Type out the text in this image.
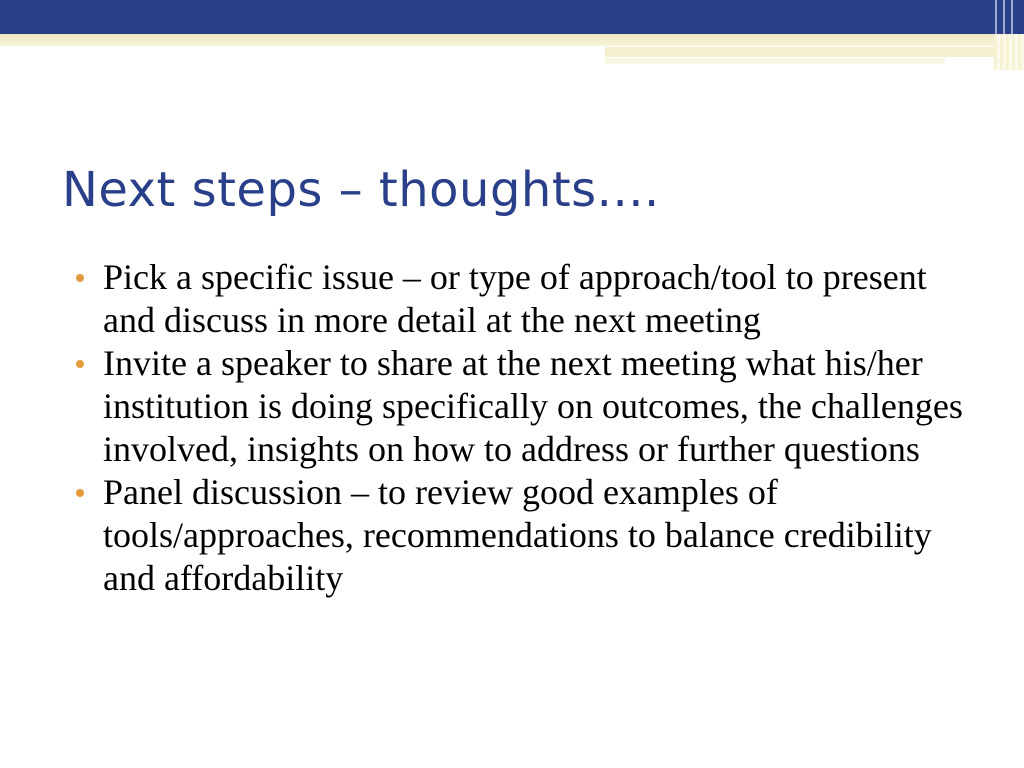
Next steps – thoughts....
Pick a specific issue – or type of approach/tool to present and discuss in more detail at the next meeting
Invite a speaker to share at the next meeting what his/her institution is doing specifically on outcomes, the challenges involved, insights on how to address or further questions
Panel discussion – to review good examples of tools/approaches, recommendations to balance credibility and affordability
